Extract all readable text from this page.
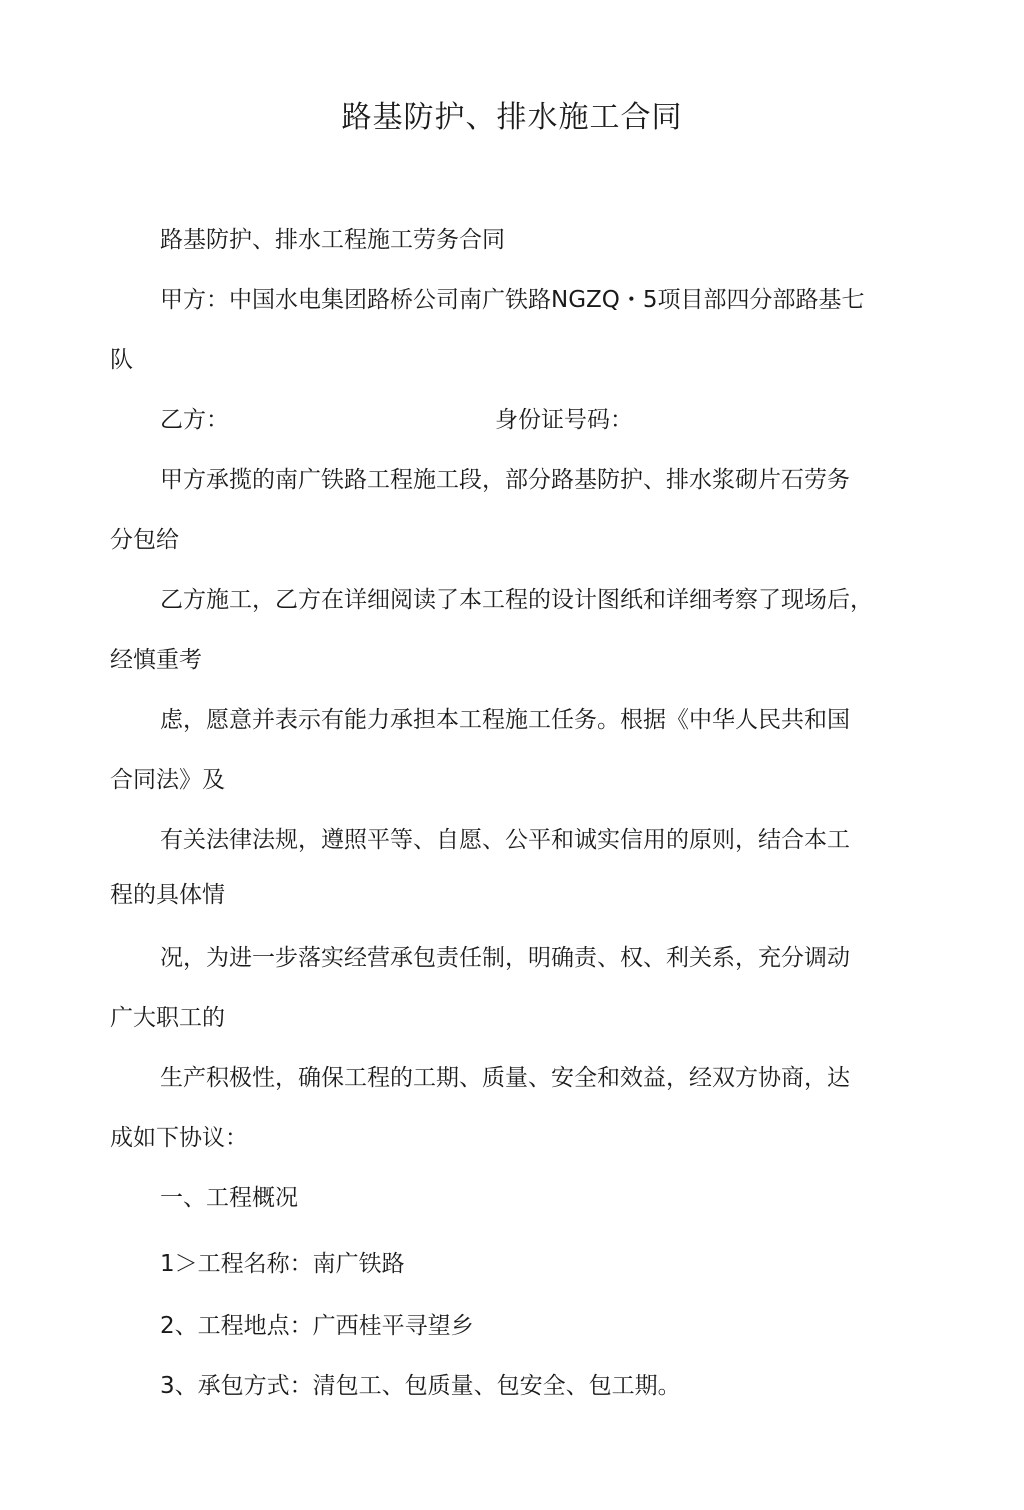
路基防护、排水施工合同
路基防护、排水工程施工劳务合同
甲方：中国水电集团路桥公司南广铁路NGZQ・5项目部四分部路基七
队
乙方：	身份证号码：
甲方承揽的南广铁路工程施工段，部分路基防护、排水浆砌片石劳务
分包给
乙方施工，乙方在详细阅读了本工程的设计图纸和详细考察了现场后，
经慎重考
虑，愿意并表示有能力承担本工程施工任务。根据《中华人民共和国
合同法》及
有关法律法规，遵照平等、自愿、公平和诚实信用的原则，结合本工
程的具体情
况，为进一步落实经营承包责任制，明确责、权、利关系，充分调动
广大职工的
生产积极性，确保工程的工期、质量、安全和效益，经双方协商，达
成如下协议：
一、工程概况
1＞工程名称：南广铁路
2、工程地点：广西桂平寻望乡
3、承包方式：清包工、包质量、包安全、包工期。
